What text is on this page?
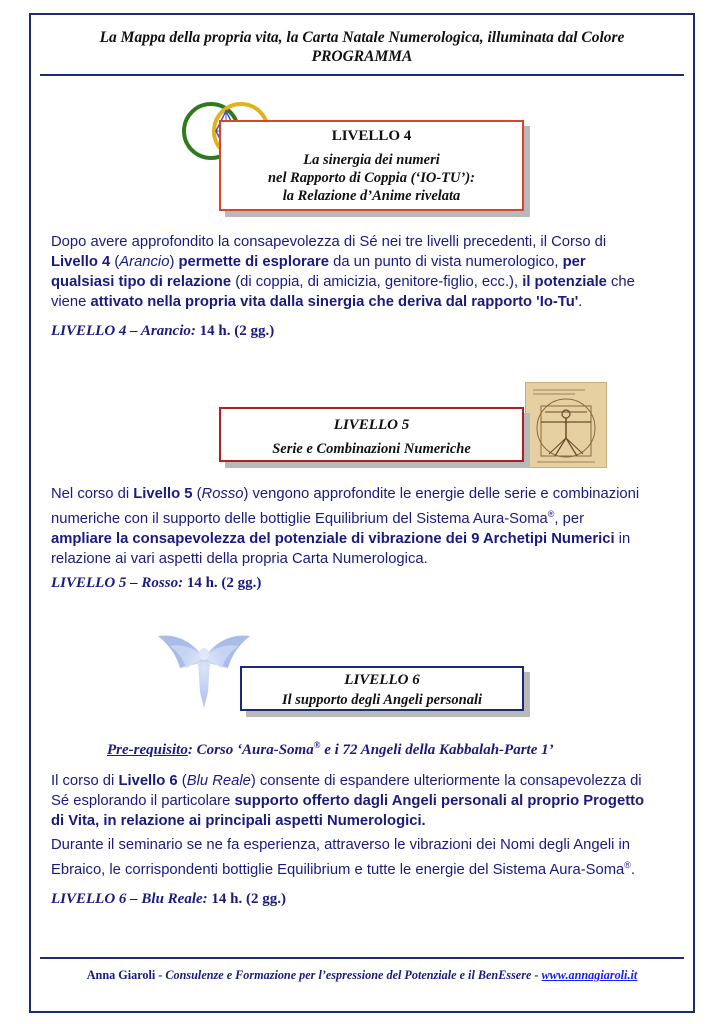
La Mappa della propria vita, la Carta Natale Numerologica, illuminata dal Colore
PROGRAMMA
LIVELLO 4
La sinergia dei numeri
nel Rapporto di Coppia (‘IO-TU’):
la Relazione d’Anime rivelata
Dopo avere approfondito la consapevolezza di Sé nei tre livelli precedenti, il Corso di
Livello 4 (Arancio) permette di esplorare da un punto di vista numerologico, per
qualsiasi tipo di relazione (di coppia, di amicizia, genitore-figlio, ecc.), il potenziale che
viene attivato nella propria vita dalla sinergia che deriva dal rapporto 'Io-Tu'.
LIVELLO 4 – Arancio: 14 h. (2 gg.)
LIVELLO 5
Serie e Combinazioni Numeriche
Nel corso di Livello 5 (Rosso) vengono approfondite le energie delle serie e combinazioni
numeriche con il supporto delle bottiglie Equilibrium del Sistema Aura-Soma®, per
ampliare la consapevolezza del potenziale di vibrazione dei 9 Archetipi Numerici in
relazione ai vari aspetti della propria Carta Numerologica.
LIVELLO 5 – Rosso: 14 h. (2 gg.)
LIVELLO 6
Il supporto degli Angeli personali
Pre-requisito: Corso ‘Aura-Soma® e i 72 Angeli della Kabbalah-Parte 1’
Il corso di Livello 6 (Blu Reale) consente di espandere ulteriormente la consapevolezza di
Sé esplorando il particolare supporto offerto dagli Angeli personali al proprio Progetto
di Vita, in relazione ai principali aspetti Numerologici.
Durante il seminario se ne fa esperienza, attraverso le vibrazioni dei Nomi degli Angeli in
Ebraico, le corrispondenti bottiglie Equilibrium e tutte le energie del Sistema Aura-Soma®.
LIVELLO 6 – Blu Reale: 14 h. (2 gg.)
Anna Giaroli - Consulenze e Formazione per l’espressione del Potenziale e il BenEssere - www.annagiaroli.it
